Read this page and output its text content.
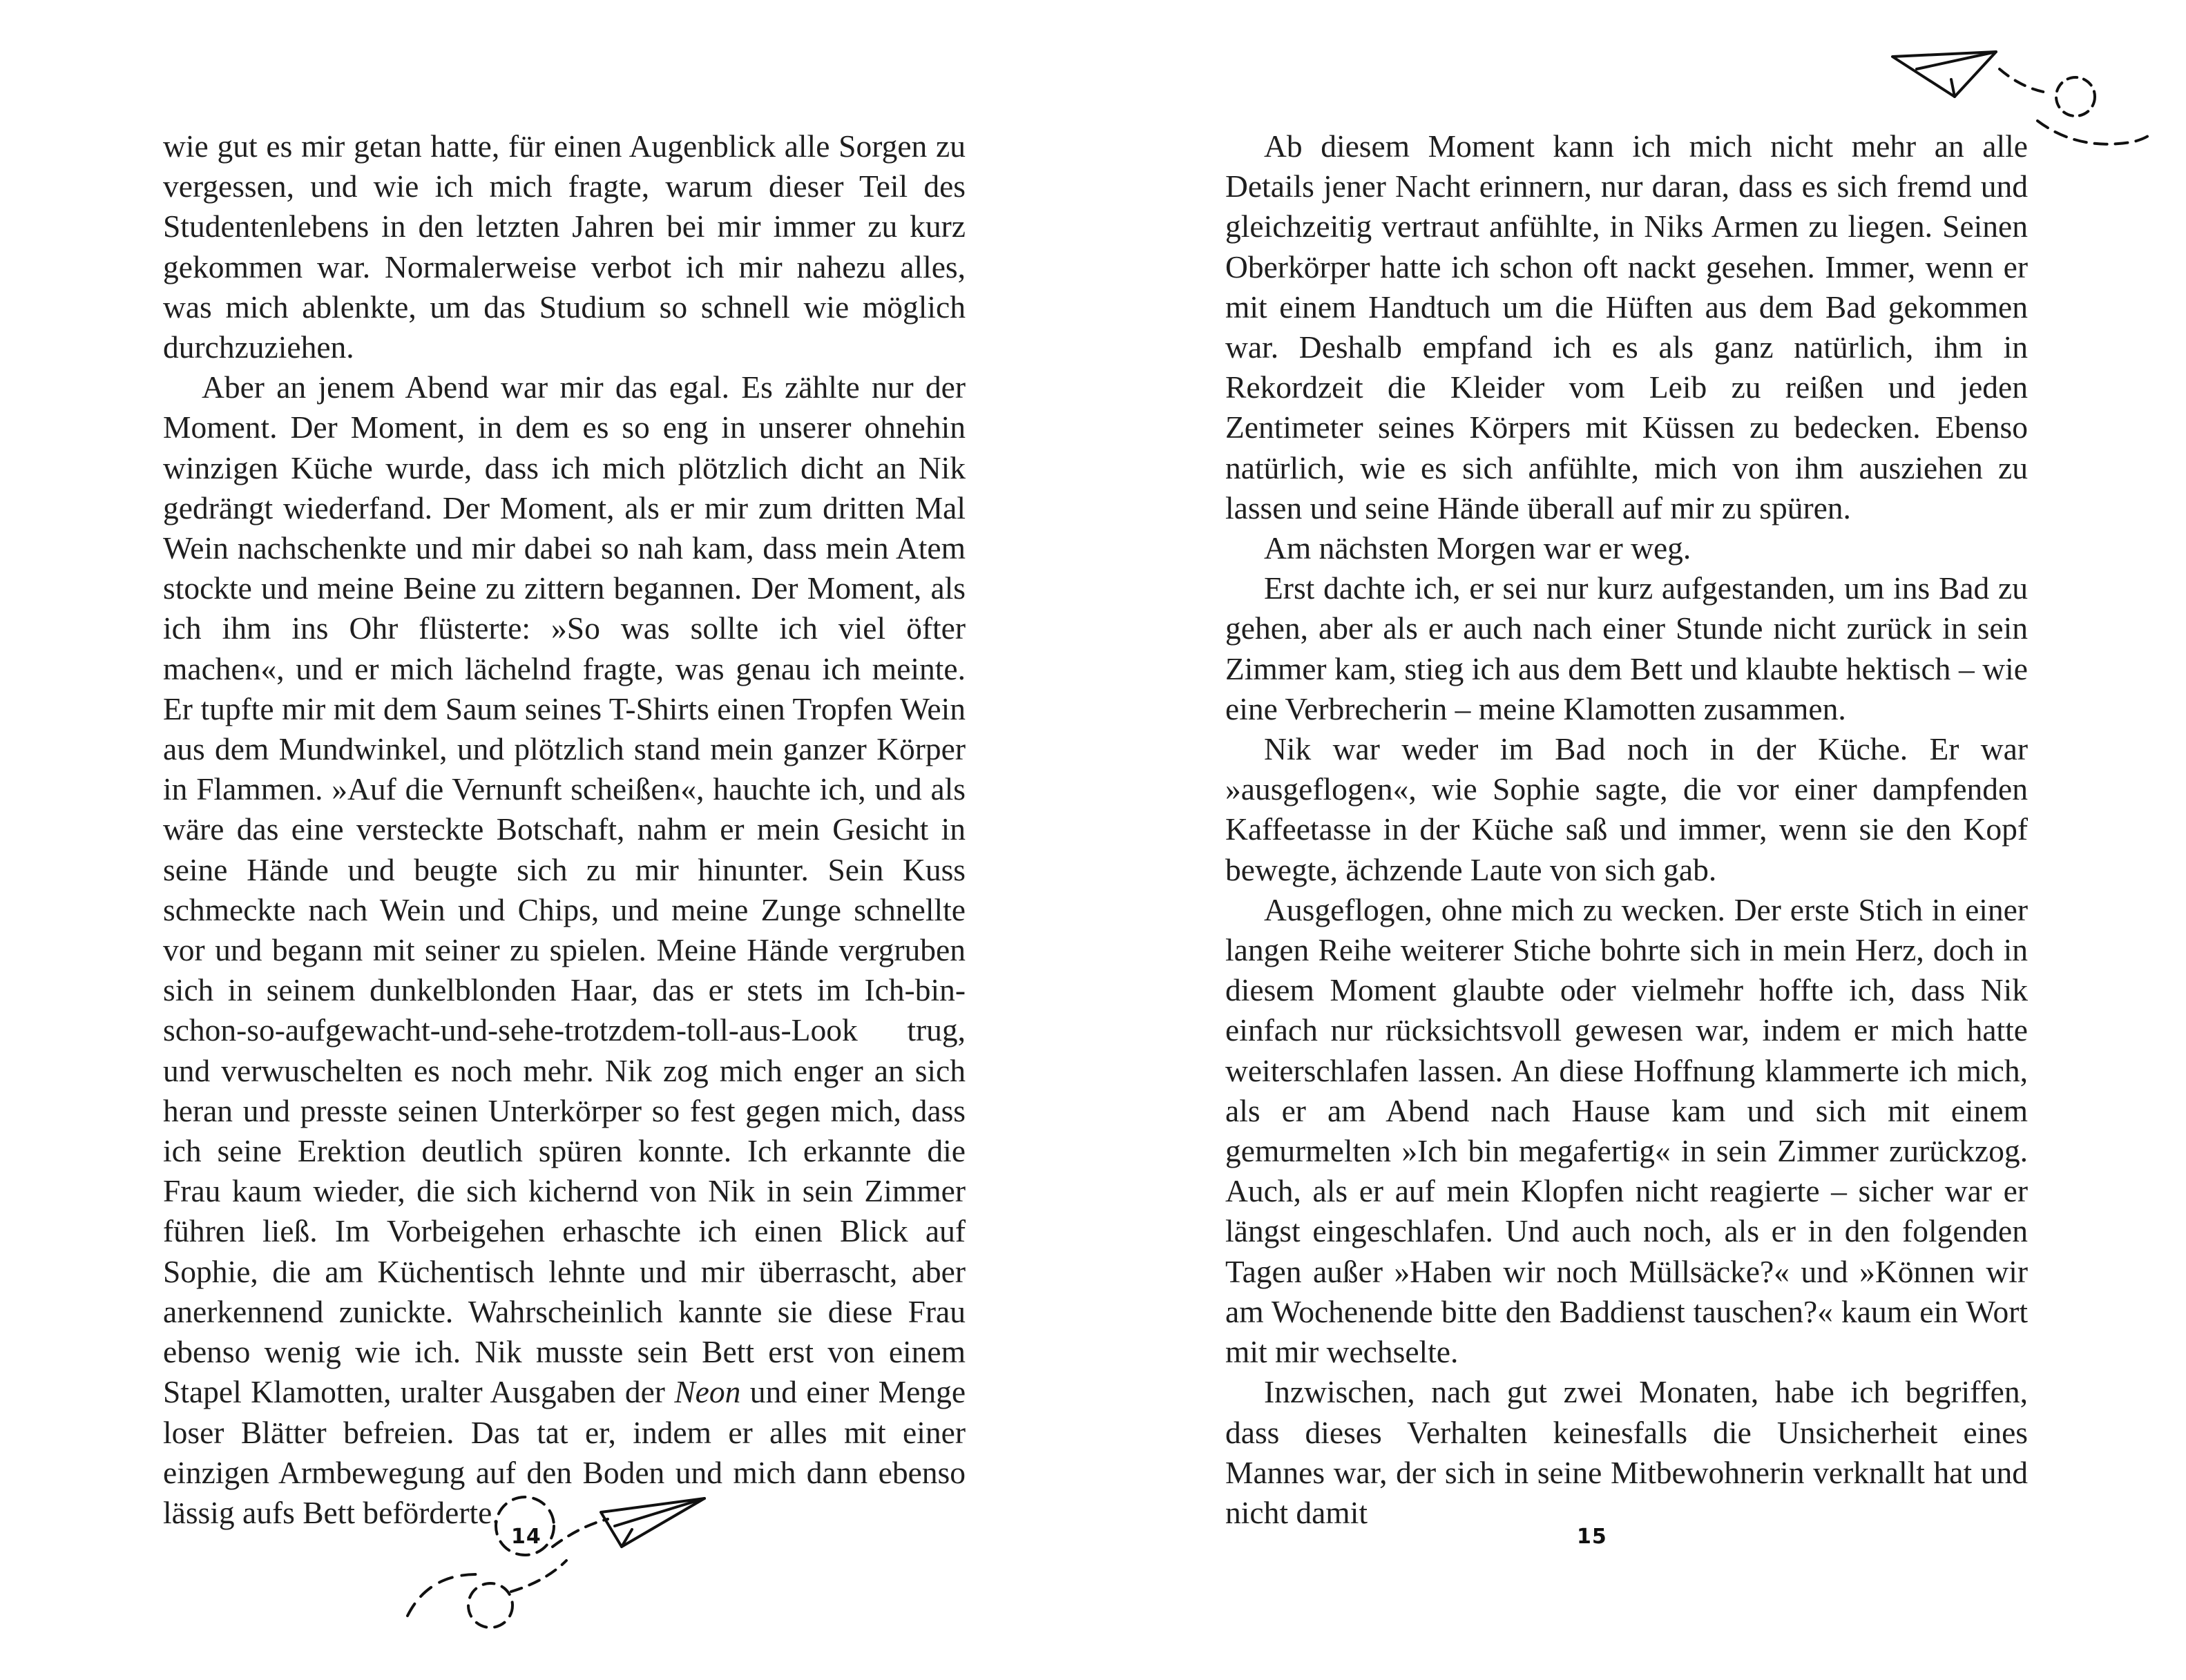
wie gut es mir getan hatte, für einen Augenblick alle Sorgen zu vergessen, und wie ich mich fragte, warum dieser Teil des Studentenlebens in den letzten Jahren bei mir immer zu kurz gekommen war. Normalerweise verbot ich mir nahezu alles, was mich ablenkte, um das Studium so schnell wie möglich durchzuziehen.

Aber an jenem Abend war mir das egal. Es zählte nur der Moment. Der Moment, in dem es so eng in unserer ohnehin winzigen Küche wurde, dass ich mich plötzlich dicht an Nik gedrängt wiederfand. Der Moment, als er mir zum dritten Mal Wein nachschenkte und mir dabei so nah kam, dass mein Atem stockte und meine Beine zu zittern begannen. Der Moment, als ich ihm ins Ohr flüsterte: »So was sollte ich viel öfter machen«, und er mich lächelnd fragte, was genau ich meinte. Er tupfte mir mit dem Saum seines T-Shirts einen Tropfen Wein aus dem Mundwinkel, und plötzlich stand mein ganzer Körper in Flammen. »Auf die Vernunft scheißen«, hauchte ich, und als wäre das eine versteckte Botschaft, nahm er mein Gesicht in seine Hände und beugte sich zu mir hinunter. Sein Kuss schmeckte nach Wein und Chips, und meine Zunge schnellte vor und begann mit seiner zu spielen. Meine Hände vergruben sich in seinem dunkelblonden Haar, das er stets im Ich-bin-schon-so-aufgewacht-und-sehe-trotzdem-toll-aus-Look trug, und verwuschelten es noch mehr. Nik zog mich enger an sich heran und presste seinen Unterkörper so fest gegen mich, dass ich seine Erektion deutlich spüren konnte. Ich erkannte die Frau kaum wieder, die sich kichernd von Nik in sein Zimmer führen ließ. Im Vorbeigehen erhaschte ich einen Blick auf Sophie, die am Küchentisch lehnte und mir überrascht, aber anerkennend zunickte. Wahrscheinlich kannte sie diese Frau ebenso wenig wie ich. Nik musste sein Bett erst von einem Stapel Klamotten, uralter Ausgaben der Neon und einer Menge loser Blätter befreien. Das tat er, indem er alles mit einer einzigen Armbewegung auf den Boden und mich dann ebenso lässig aufs Bett beförderte.

14

Ab diesem Moment kann ich mich nicht mehr an alle Details jener Nacht erinnern, nur daran, dass es sich fremd und gleichzeitig vertraut anfühlte, in Niks Armen zu liegen. Seinen Oberkörper hatte ich schon oft nackt gesehen. Immer, wenn er mit einem Handtuch um die Hüften aus dem Bad gekommen war. Deshalb empfand ich es als ganz natürlich, ihm in Rekordzeit die Kleider vom Leib zu reißen und jeden Zentimeter seines Körpers mit Küssen zu bedecken. Ebenso natürlich, wie es sich anfühlte, mich von ihm ausziehen zu lassen und seine Hände überall auf mir zu spüren.

Am nächsten Morgen war er weg.

Erst dachte ich, er sei nur kurz aufgestanden, um ins Bad zu gehen, aber als er auch nach einer Stunde nicht zurück in sein Zimmer kam, stieg ich aus dem Bett und klaubte hektisch – wie eine Verbrecherin – meine Klamotten zusammen.

Nik war weder im Bad noch in der Küche. Er war »ausgeflogen«, wie Sophie sagte, die vor einer dampfenden Kaffeetasse in der Küche saß und immer, wenn sie den Kopf bewegte, ächzende Laute von sich gab.

Ausgeflogen, ohne mich zu wecken. Der erste Stich in einer langen Reihe weiterer Stiche bohrte sich in mein Herz, doch in diesem Moment glaubte oder vielmehr hoffte ich, dass Nik einfach nur rücksichtsvoll gewesen war, indem er mich hatte weiterschlafen lassen. An diese Hoffnung klammerte ich mich, als er am Abend nach Hause kam und sich mit einem gemurmelten »Ich bin megafertig« in sein Zimmer zurückzog. Auch, als er auf mein Klopfen nicht reagierte – sicher war er längst eingeschlafen. Und auch noch, als er in den folgenden Tagen außer »Haben wir noch Müllsäcke?« und »Können wir am Wochenende bitte den Baddienst tauschen?« kaum ein Wort mit mir wechselte.

Inzwischen, nach gut zwei Monaten, habe ich begriffen, dass dieses Verhalten keinesfalls die Unsicherheit eines Mannes war, der sich in seine Mitbewohnerin verknallt hat und nicht damit

15
